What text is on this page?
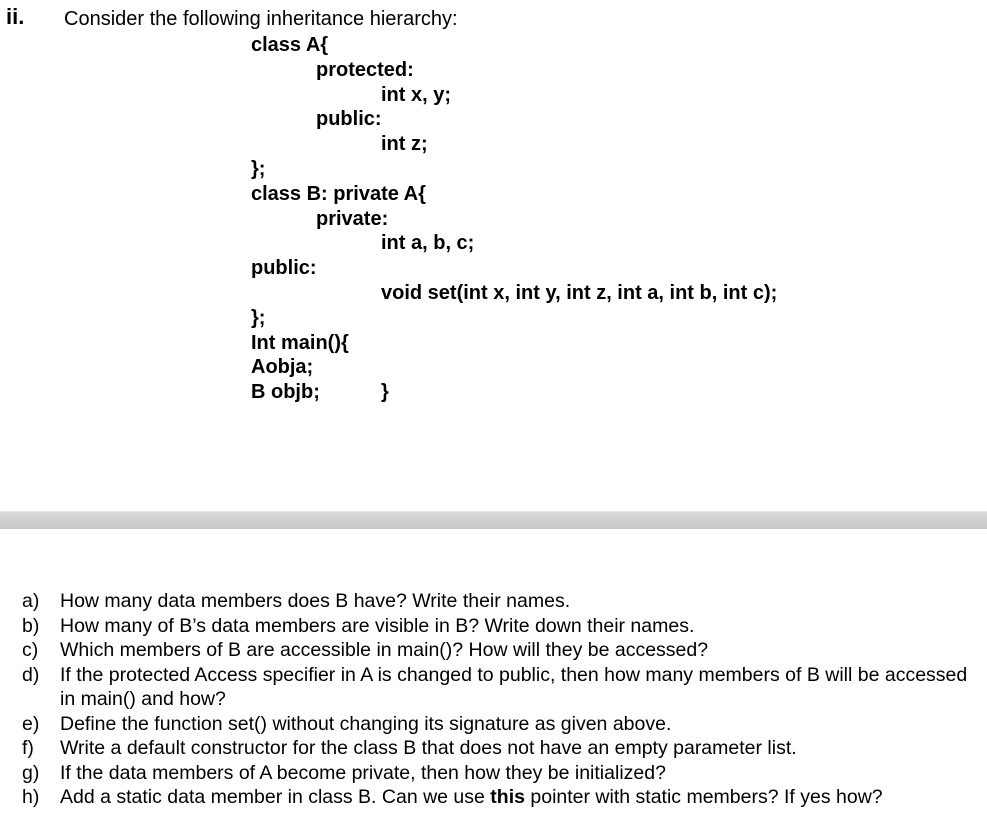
ii. Consider the following inheritance hierarchy:
class A{
protected:
int x, y;
public:
int z;
};
class B: private A{
private:
int a, b, c;
public:
void set(int x, int y, int z, int a, int b, int c);
};
Int main(){
Aobja;
B objb;	}
a) How many data members does B have? Write their names.
b) How many of B’s data members are visible in B? Write down their names.
c) Which members of B are accessible in main()? How will they be accessed?
d) If the protected Access specifier in A is changed to public, then how many members of B will be accessed in main() and how?
e) Define the function set() without changing its signature as given above.
f) Write a default constructor for the class B that does not have an empty parameter list.
g) If the data members of A become private, then how they be initialized?
h) Add a static data member in class B. Can we use this pointer with static members? If yes how?
